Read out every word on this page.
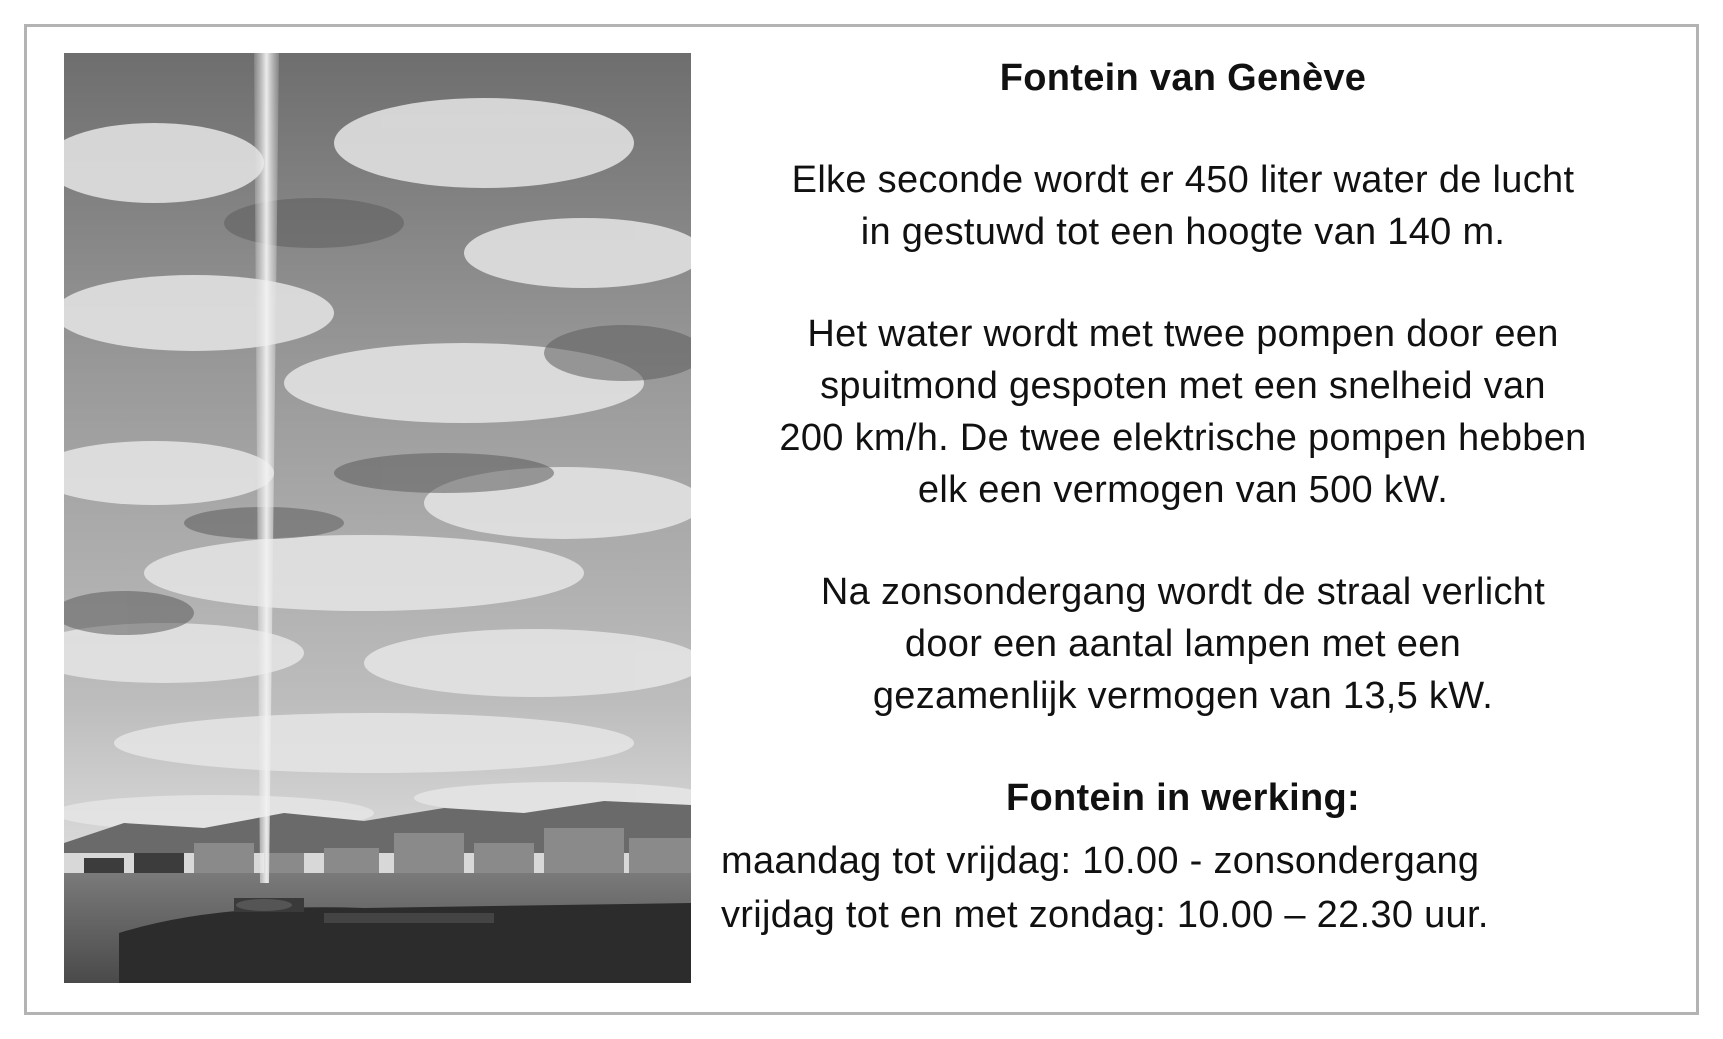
Fontein van Genève
Elke seconde wordt er 450 liter water de lucht
in gestuwd tot een hoogte van 140 m.
Het water wordt met twee pompen door een
spuitmond gespoten met een snelheid van
200 km/h. De twee elektrische pompen hebben
elk een vermogen van 500 kW.
Na zonsondergang wordt de straal verlicht
door een aantal lampen met een
gezamenlijk vermogen van 13,5 kW.
Fontein in werking:
maandag tot vrijdag: 10.00 - zonsondergang
vrijdag tot en met zondag: 10.00 – 22.30 uur.
